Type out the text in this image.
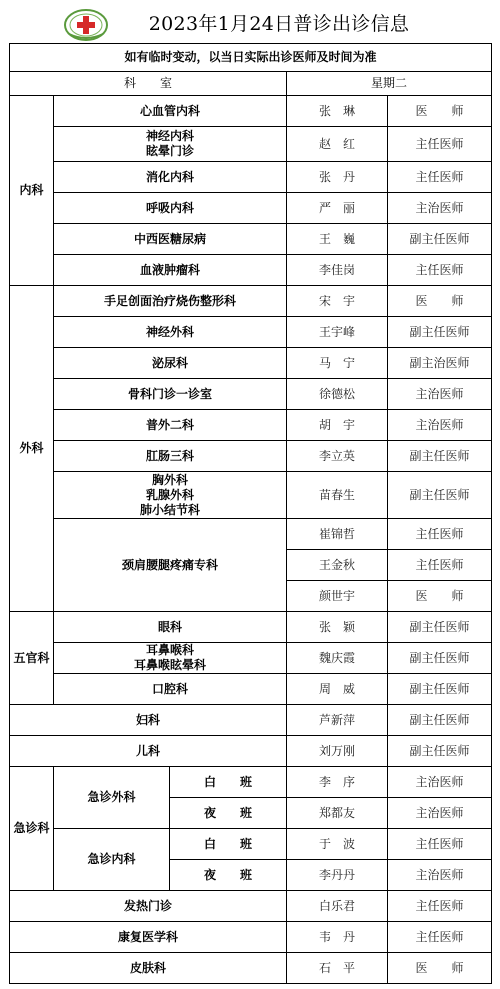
2023年1月24日普诊出诊信息
如有临时变动，以当日实际出诊医师及时间为准				
科　　室			星期二	
内科	心血管内科		张　琳	医　　师

	神经内科
眩晕门诊		赵　红	主任医师
	消化内科		张　丹	主任医师
	呼吸内科		严　丽	主治医师
	中西医糖尿病		王　巍	副主任医师
	血液肿瘤科		李佳岗	主任医师
外科	手足创面治疗烧伤整形科		宋　宇	医　　师
	神经外科		王宇峰	副主任医师
	泌尿科		马　宁	副主治医师
	骨科门诊一诊室		徐德松	主治医师
	普外二科		胡　宇	主治医师
	肛肠三科		李立英	副主任医师

	胸外科
乳腺外科
肺小结节科		苗春生	副主任医师
	颈肩腰腿疼痛专科		崔锦哲	主任医师
			王金秋	主任医师
			颜世宇	医　　师
五官科	眼科		张　颖	副主任医师

	耳鼻喉科
耳鼻喉眩晕科		魏庆霞	副主任医师
	口腔科		周　威	副主任医师
妇科			芦新萍	副主任医师
儿科			刘万刚	副主任医师
急诊科	急诊外科	白　　班	李　序	主治医师
		夜　　班	郑都友	主治医师
	急诊内科	白　　班	于　波	主任医师
		夜　　班	李丹丹	主治医师
发热门诊			白乐君	主任医师
康复医学科			韦　丹	主任医师
皮肤科			石　平	医　　师
